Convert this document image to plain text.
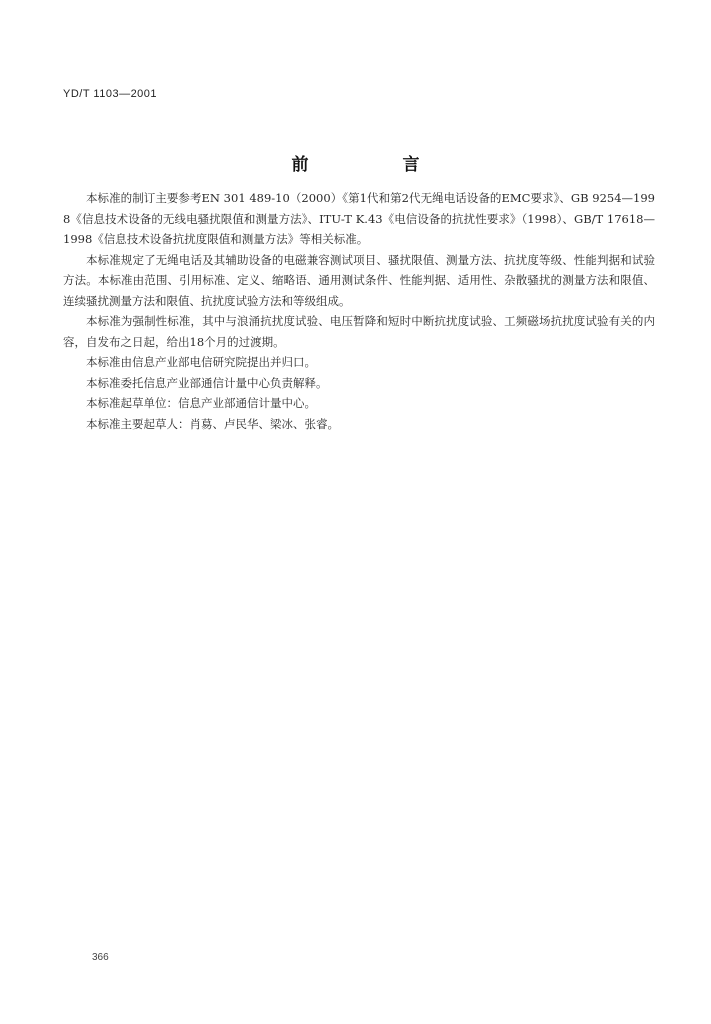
YD/T 1103—2001
前 言

本标准的制订主要参考EN 301 489-10（2000）《第1代和第2代无绳电话设备的EMC要求》、GB 9254—1998《信息技术设备的无线电骚扰限值和测量方法》、ITU-T K.43《电信设备的抗扰性要求》（1998）、GB/T 17618—1998《信息技术设备抗扰度限值和测量方法》等相关标准。

本标准规定了无绳电话及其辅助设备的电磁兼容测试项目、骚扰限值、测量方法、抗扰度等级、性能判据和试验方法。本标准由范围、引用标准、定义、缩略语、通用测试条件、性能判据、适用性、杂散骚扰的测量方法和限值、连续骚扰测量方法和限值、抗扰度试验方法和等级组成。

本标准为强制性标准，其中与浪涌抗扰度试验、电压暂降和短时中断抗扰度试验、工频磁场抗扰度试验有关的内容，自发布之日起，给出18个月的过渡期。

本标准由信息产业部电信研究院提出并归口。

本标准委托信息产业部通信计量中心负责解释。

本标准起草单位：信息产业部通信计量中心。

本标准主要起草人：肖䓪、卢民华、梁冰、张睿。

366
